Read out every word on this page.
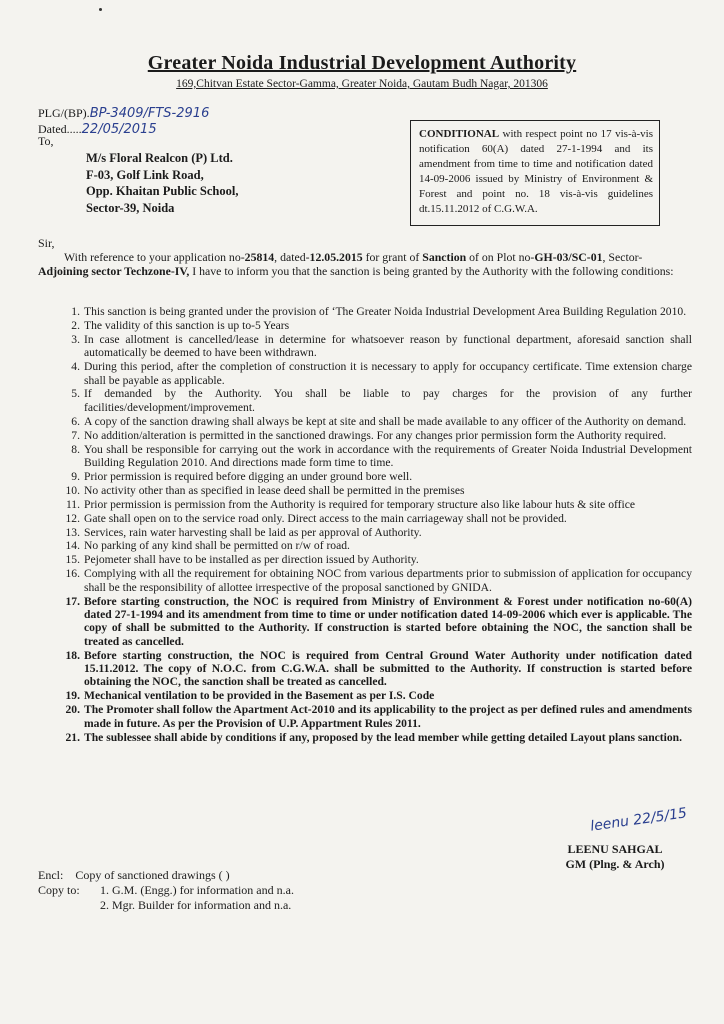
Greater Noida Industrial Development Authority
169,Chitvan Estate Sector-Gamma, Greater Noida, Gautam Budh Nagar, 201306
PLG/(BP).BP-3409/FTS-2916
Dated.....22/05/2015
To,
M/s Floral Realcon (P) Ltd.
F-03, Golf Link Road,
Opp. Khaitan Public School,
Sector-39, Noida
CONDITIONAL with respect point no 17 vis-à-vis notification 60(A) dated 27-1-1994 and its amendment from time to time and notification dated 14-09-2006 issued by Ministry of Environment & Forest and point no. 18 vis-à-vis guidelines dt.15.11.2012 of C.G.W.A.
Sir,
With reference to your application no-25814, dated-12.05.2015 for grant of Sanction of on Plot no-GH-03/SC-01, Sector-Adjoining sector Techzone-IV, I have to inform you that the sanction is being granted by the Authority with the following conditions:
1. This sanction is being granted under the provision of ‘The Greater Noida Industrial Development Area Building Regulation 2010.
2. The validity of this sanction is up to-5 Years
3. In case allotment is cancelled/lease in determine for whatsoever reason by functional department, aforesaid sanction shall automatically be deemed to have been withdrawn.
4. During this period, after the completion of construction it is necessary to apply for occupancy certificate. Time extension charge shall be payable as applicable.
5. If demanded by the Authority. You shall be liable to pay charges for the provision of any further facilities/development/improvement.
6. A copy of the sanction drawing shall always be kept at site and shall be made available to any officer of the Authority on demand.
7. No addition/alteration is permitted in the sanctioned drawings. For any changes prior permission form the Authority required.
8. You shall be responsible for carrying out the work in accordance with the requirements of Greater Noida Industrial Development Building Regulation 2010. And directions made form time to time.
9. Prior permission is required before digging an under ground bore well.
10. No activity other than as specified in lease deed shall be permitted in the premises
11. Prior permission is permission from the Authority is required for temporary structure also like labour huts & site office
12. Gate shall open on to the service road only. Direct access to the main carriageway shall not be provided.
13. Services, rain water harvesting shall be laid as per approval of Authority.
14. No parking of any kind shall be permitted on r/w of road.
15. Pejometer shall have to be installed as per direction issued by Authority.
16. Complying with all the requirement for obtaining NOC from various departments prior to submission of application for occupancy shall be the responsibility of allottee irrespective of the proposal sanctioned by GNIDA.
17. Before starting construction, the NOC is required from Ministry of Environment & Forest under notification no-60(A) dated 27-1-1994 and its amendment from time to time or under notification dated 14-09-2006 which ever is applicable. The copy of shall be submitted to the Authority. If construction is started before obtaining the NOC, the sanction shall be treated as cancelled.
18. Before starting construction, the NOC is required from Central Ground Water Authority under notification dated 15.11.2012. The copy of N.O.C. from C.G.W.A. shall be submitted to the Authority. If construction is started before obtaining the NOC, the sanction shall be treated as cancelled.
19. Mechanical ventilation to be provided in the Basement as per I.S. Code
20. The Promoter shall follow the Apartment Act-2010 and its applicability to the project as per defined rules and amendments made in future. As per the Provision of U.P. Appartment Rules 2011.
21. The sublessee shall abide by conditions if any, proposed by the lead member while getting detailed Layout plans sanction.
leenu 22/5/15
LEENU SAHGAL
GM (Plng. & Arch)
Encl: Copy of sanctioned drawings ( )
Copy to: 1. G.M. (Engg.) for information and n.a.
2. Mgr. Builder for information and n.a.
